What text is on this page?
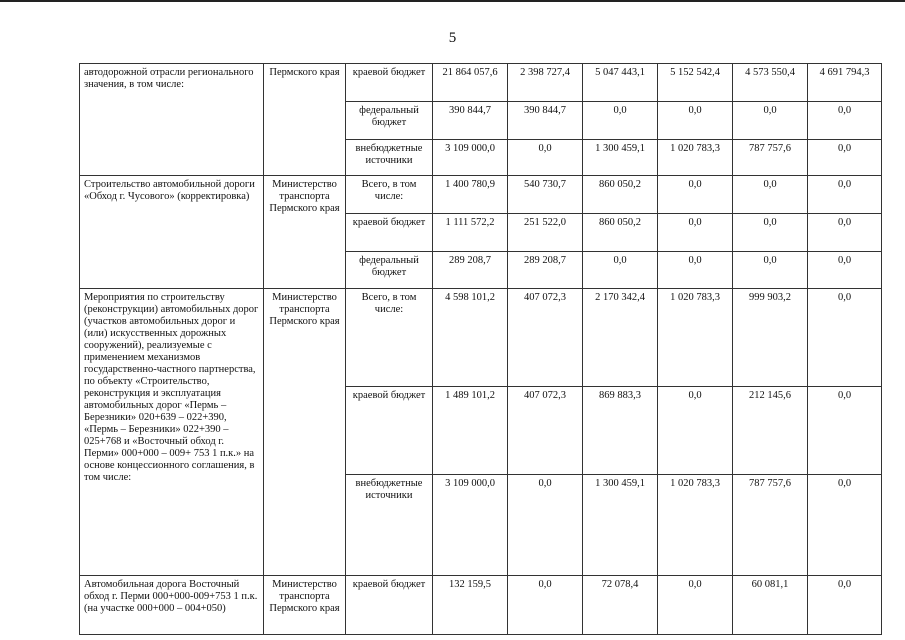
5
автодорожной отрасли регионального значения, в том числе:	Пермского края	краевой бюджет	21 864 057,6	2 398 727,4	5 047 443,1	5 152 542,4	4 573 550,4	4 691 794,3
		федеральный бюджет	390 844,7	390 844,7	0,0	0,0	0,0	0,0
		внебюджетные источники	3 109 000,0	0,0	1 300 459,1	1 020 783,3	787 757,6	0,0
Строительство автомобильной дороги «Обход г. Чусового» (корректировка)	Министерство транспорта Пермского края	Всего, в том числе:	1 400 780,9	540 730,7	860 050,2	0,0	0,0	0,0
		краевой бюджет	1 111 572,2	251 522,0	860 050,2	0,0	0,0	0,0
		федеральный бюджет	289 208,7	289 208,7	0,0	0,0	0,0	0,0
Мероприятия по строительству (реконструкции) автомобильных дорог (участков автомобильных дорог и (или) искусственных дорожных сооружений), реализуемые с применением механизмов государственно-частного партнерства, по объекту «Строительство, реконструкция и эксплуатация автомобильных дорог «Пермь – Березники» 020+639 – 022+390, «Пермь – Березники» 022+390 – 025+768 и «Восточный обход г. Перми» 000+000 – 009+ 753 1 п.к.» на основе концессионного соглашения, в том числе:	Министерство транспорта Пермского края	Всего, в том числе:	4 598 101,2	407 072,3	2 170 342,4	1 020 783,3	999 903,2	0,0
		краевой бюджет	1 489 101,2	407 072,3	869 883,3	0,0	212 145,6	0,0
		внебюджетные источники	3 109 000,0	0,0	1 300 459,1	1 020 783,3	787 757,6	0,0
Автомобильная дорога Восточный обход г. Перми 000+000-009+753 1 п.к. (на участке 000+000 – 004+050)	Министерство транспорта Пермского края	краевой бюджет	132 159,5	0,0	72 078,4	0,0	60 081,1	0,0
